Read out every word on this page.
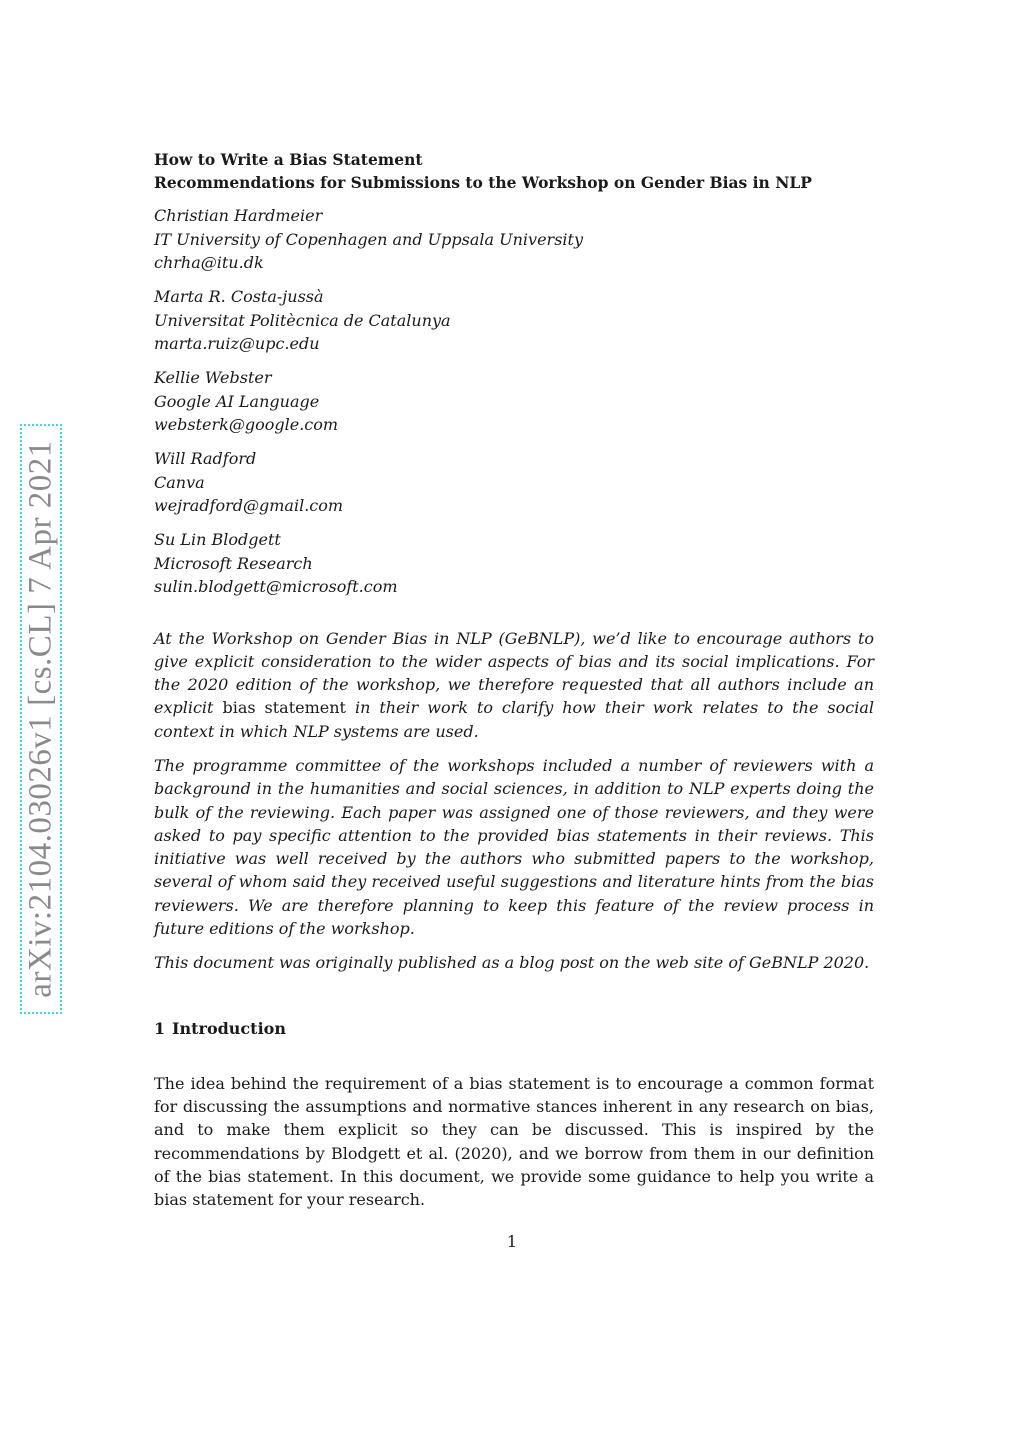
arXiv:2104.03026v1 [cs.CL] 7 Apr 2021
How to Write a Bias Statement
Recommendations for Submissions to the Workshop on Gender Bias in NLP
Christian Hardmeier
IT University of Copenhagen and Uppsala University
chrha@itu.dk
Marta R. Costa-jussà
Universitat Politècnica de Catalunya
marta.ruiz@upc.edu
Kellie Webster
Google AI Language
websterk@google.com
Will Radford
Canva
wejradford@gmail.com
Su Lin Blodgett
Microsoft Research
sulin.blodgett@microsoft.com

At the Workshop on Gender Bias in NLP (GeBNLP), we’d like to encourage authors to give explicit consideration to the wider aspects of bias and its social implications. For the 2020 edition of the workshop, we therefore requested that all authors include an explicit bias statement in their work to clarify how their work relates to the social context in which NLP systems are used.

The programme committee of the workshops included a number of reviewers with a background in the humanities and social sciences, in addition to NLP experts doing the bulk of the reviewing. Each paper was assigned one of those reviewers, and they were asked to pay specific attention to the provided bias statements in their reviews. This initiative was well received by the authors who submitted papers to the workshop, several of whom said they received useful suggestions and literature hints from the bias reviewers. We are therefore planning to keep this feature of the review process in future editions of the workshop.

This document was originally published as a blog post on the web site of GeBNLP 2020.

1 Introduction

The idea behind the requirement of a bias statement is to encourage a common format for discussing the assumptions and normative stances inherent in any research on bias, and to make them explicit so they can be discussed. This is inspired by the recommendations by Blodgett et al. (2020), and we borrow from them in our definition of the bias statement. In this document, we provide some guidance to help you write a bias statement for your research.

1
